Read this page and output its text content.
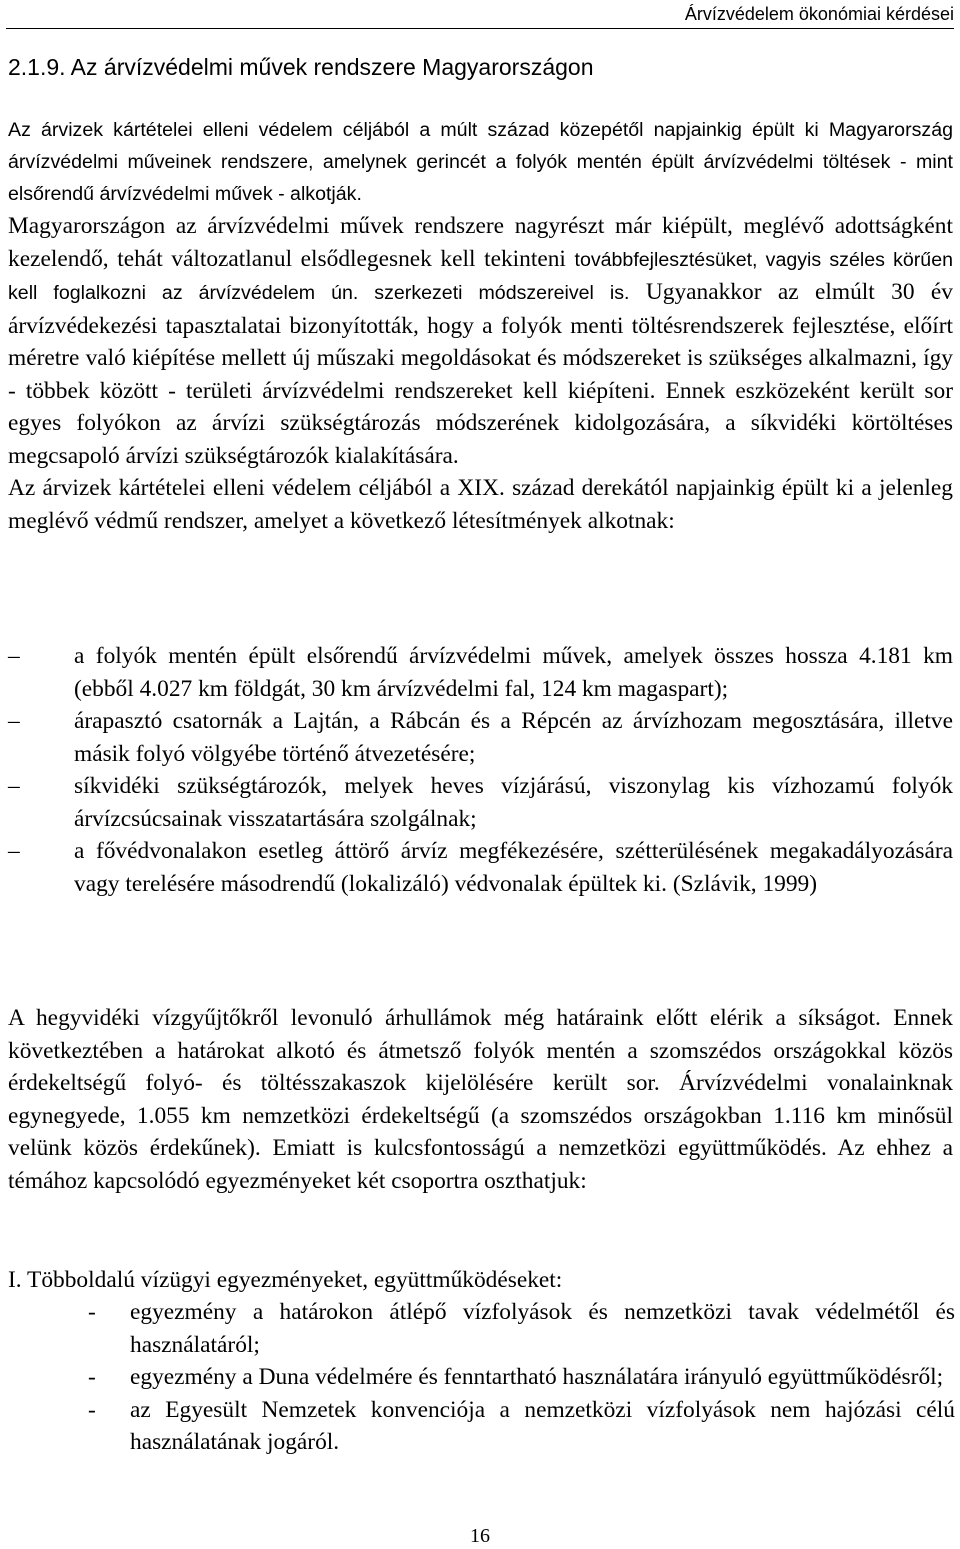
Árvízvédelem ökonómiai kérdései
2.1.9. Az árvízvédelmi művek rendszere Magyarországon
Az árvizek kártételei elleni védelem céljából a múlt század közepétől napjainkig épült ki Magyarország árvízvédelmi műveinek rendszere, amelynek gerincét a folyók mentén épült árvízvédelmi töltések - mint elsőrendű árvízvédelmi művek - alkotják.

Magyarországon az árvízvédelmi művek rendszere nagyrészt már kiépült, meglévő adottságként kezelendő, tehát változatlanul elsődlegesnek kell tekinteni továbbfejlesztésüket, vagyis széles körűen kell foglalkozni az árvízvédelem ún. szerkezeti módszereivel is. Ugyanakkor az elmúlt 30 év árvízvédekezési tapasztalatai bizonyították, hogy a folyók menti töltésrendszerek fejlesztése, előírt méretre való kiépítése mellett új műszaki megoldásokat és módszereket is szükséges alkalmazni, így - többek között - területi árvízvédelmi rendszereket kell kiépíteni. Ennek eszközeként került sor egyes folyókon az árvízi szükségtározás módszerének kidolgozására, a síkvidéki körtöltéses megcsapoló árvízi szükségtározók kialakítására.

Az árvizek kártételei elleni védelem céljából a XIX. század derekától napjainkig épült ki a jelenleg meglévő védmű rendszer, amelyet a következő létesítmények alkotnak:

–	a folyók mentén épült elsőrendű árvízvédelmi művek, amelyek összes hossza 4.181 km (ebből 4.027 km földgát, 30 km árvízvédelmi fal, 124 km magaspart);
–	árapasztó csatornák a Lajtán, a Rábcán és a Répcén az árvízhozam megosztására, illetve másik folyó völgyébe történő átvezetésére;
–	síkvidéki szükségtározók, melyek heves vízjárású, viszonylag kis vízhozamú folyók árvízcsúcsainak visszatartására szolgálnak;
–	a fővédvonalakon esetleg áttörő árvíz megfékezésére, szétterülésének megakadályozására vagy terelésére másodrendű (lokalizáló) védvonalak épültek ki. (Szlávik, 1999)

A hegyvidéki vízgyűjtőkről levonuló árhullámok még határaink előtt elérik a síkságot. Ennek következtében a határokat alkotó és átmetsző folyók mentén a szomszédos országokkal közös érdekeltségű folyó- és töltésszakaszok kijelölésére került sor. Árvízvédelmi vonalainknak egynegyede, 1.055 km nemzetközi érdekeltségű (a szomszédos országokban 1.116 km minősül velünk közös érdekűnek). Emiatt is kulcsfontosságú a nemzetközi együttműködés. Az ehhez a témához kapcsolódó egyezményeket két csoportra oszthatjuk:

I. Többoldalú vízügyi egyezményeket, együttműködéseket:

-	egyezmény a határokon átlépő vízfolyások és nemzetközi tavak védelmétől és használatáról;
-	egyezmény a Duna védelmére és fenntartható használatára irányuló együttműködésről;
-	az Egyesült Nemzetek konvenciója a nemzetközi vízfolyások nem hajózási célú használatának jogáról.
16
